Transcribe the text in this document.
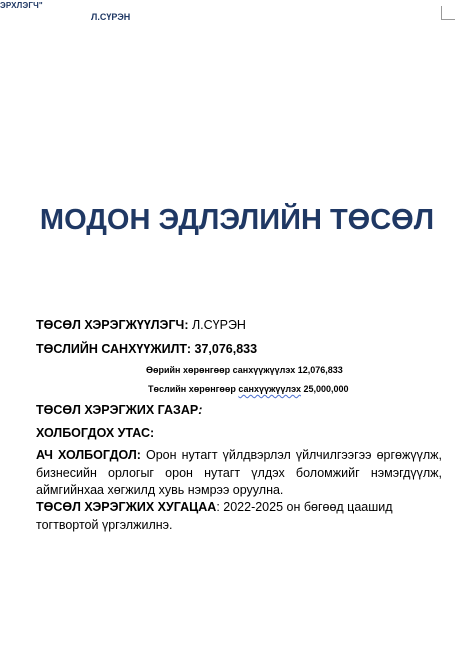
ЭРХЛЭГЧ"
Л.СҮРЭН
МОДОН ЭДЛЭЛИЙН ТӨСӨЛ
ТӨСӨЛ ХЭРЭГЖҮҮЛЭГЧ: Л.СҮРЭН
ТӨСЛИЙН САНХҮҮЖИЛТ: 37,076,833
Өөрийн хөрөнгөөр санхүүжүүлэх 12,076,833
Төслийн хөрөнгөөр санхүүжүүлэх 25,000,000
ТӨСӨЛ ХЭРЭГЖИХ ГАЗАР:
ХОЛБОГДОХ УТАС:
АЧ ХОЛБОГДОЛ: Орон нутагт үйлдвэрлэл үйлчилгээгээ өргөжүүлж, бизнесийн орлогыг орон нутагт үлдэх боломжийг нэмэгдүүлж, аймгийнхаа хөгжилд хувь нэмрээ оруулна.
ТӨСӨЛ ХЭРЭГЖИХ ХУГАЦАА: 2022-2025 он бөгөөд цаашид тогтвортой үргэлжилнэ.
